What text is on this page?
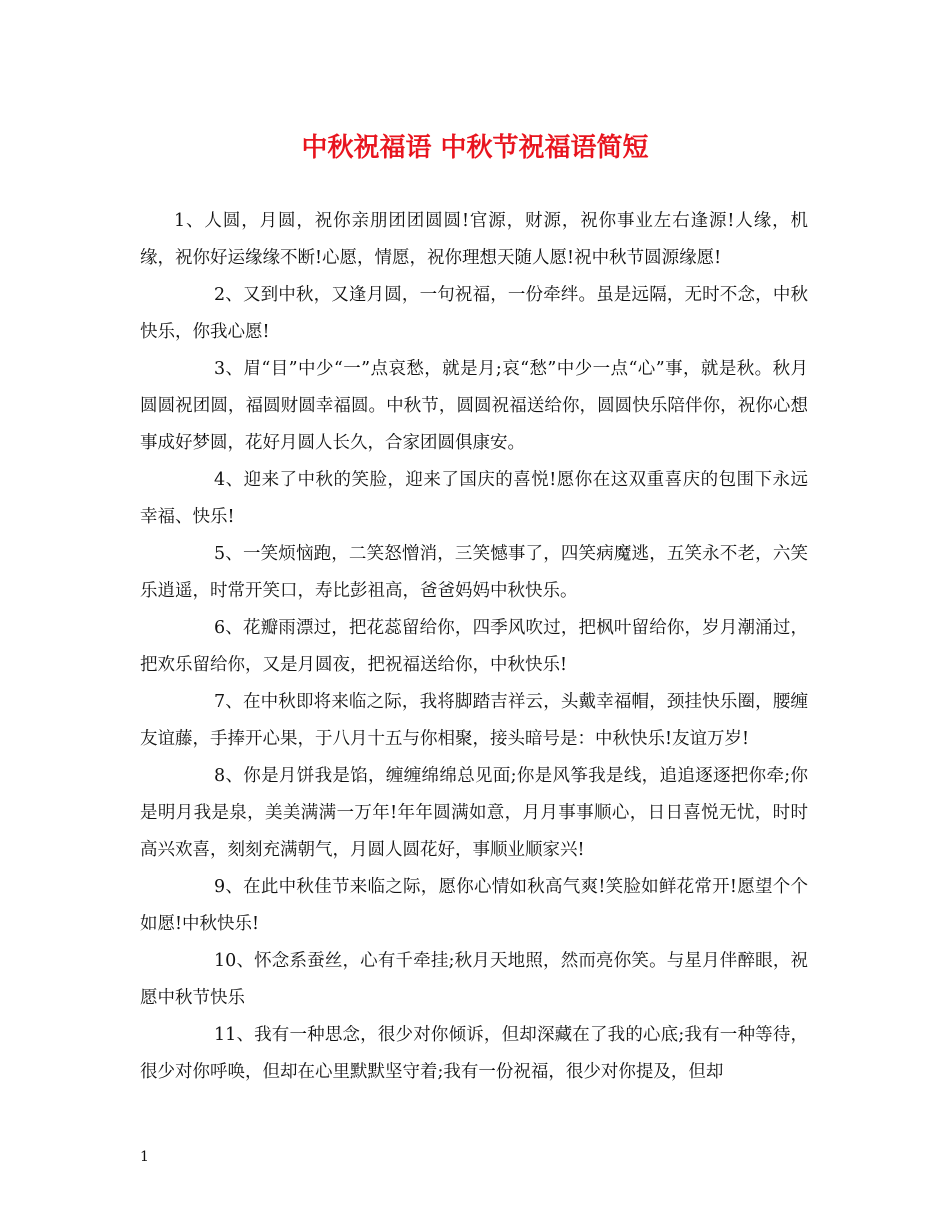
中秋祝福语 中秋节祝福语简短

1、人圆，月圆，祝你亲朋团团圆圆!官源，财源，祝你事业左右逢源!人缘，机缘，祝你好运缘缘不断!心愿，情愿，祝你理想天随人愿!祝中秋节圆源缘愿!

2、又到中秋，又逢月圆，一句祝福，一份牵绊。虽是远隔，无时不念，中秋快乐，你我心愿!

3、眉“目”中少“一”点哀愁，就是月;哀“愁”中少一点“心”事，就是秋。秋月圆圆祝团圆，福圆财圆幸福圆。中秋节，圆圆祝福送给你，圆圆快乐陪伴你，祝你心想事成好梦圆，花好月圆人长久，合家团圆俱康安。

4、迎来了中秋的笑脸，迎来了国庆的喜悦!愿你在这双重喜庆的包围下永远幸福、快乐!

5、一笑烦恼跑，二笑怒憎消，三笑憾事了，四笑病魔逃，五笑永不老，六笑乐逍遥，时常开笑口，寿比彭祖高，爸爸妈妈中秋快乐。

6、花瓣雨漂过，把花蕊留给你，四季风吹过，把枫叶留给你，岁月潮涌过，把欢乐留给你，又是月圆夜，把祝福送给你，中秋快乐!

7、在中秋即将来临之际，我将脚踏吉祥云，头戴幸福帽，颈挂快乐圈，腰缠友谊藤，手捧开心果，于八月十五与你相聚，接头暗号是：中秋快乐!友谊万岁!

8、你是月饼我是馅，缠缠绵绵总见面;你是风筝我是线，追追逐逐把你牵;你是明月我是泉，美美满满一万年!年年圆满如意，月月事事顺心，日日喜悦无忧，时时高兴欢喜，刻刻充满朝气，月圆人圆花好，事顺业顺家兴!

9、在此中秋佳节来临之际，愿你心情如秋高气爽!笑脸如鲜花常开!愿望个个如愿!中秋快乐!

10、怀念系蚕丝，心有千牵挂;秋月天地照，然而亮你笑。与星月伴醉眼，祝愿中秋节快乐

11、我有一种思念，很少对你倾诉，但却深藏在了我的心底;我有一种等待，很少对你呼唤，但却在心里默默坚守着;我有一份祝福，很少对你提及，但却

1
